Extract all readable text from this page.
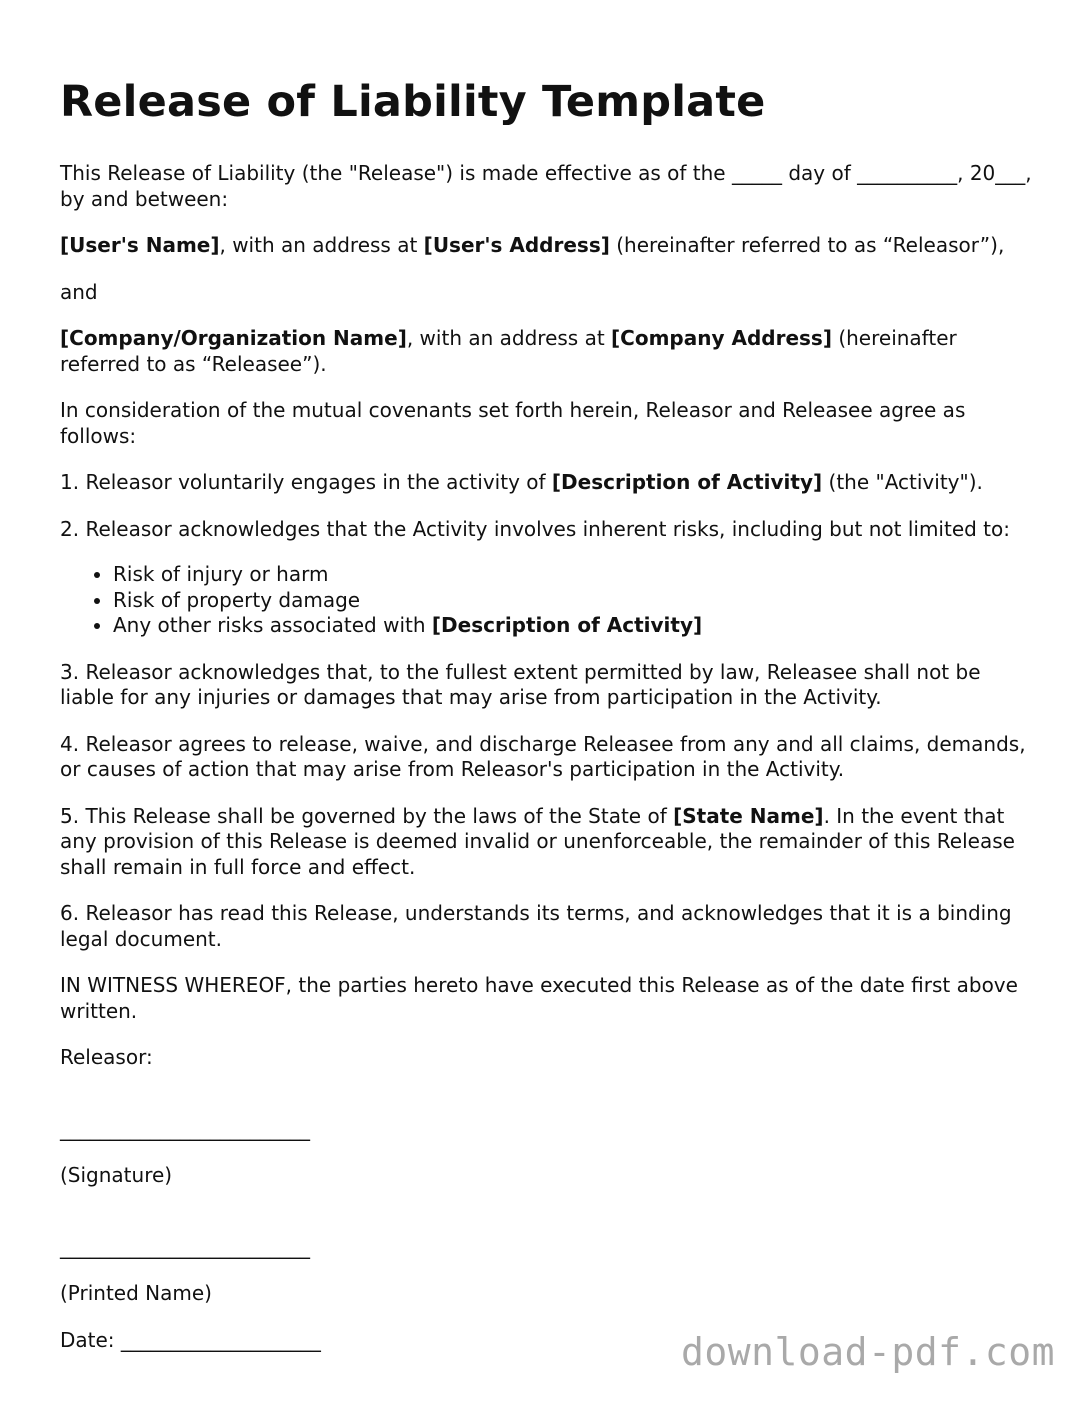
Release of Liability Template

This Release of Liability (the "Release") is made effective as of the _____ day of __________, 20___, by and between:

[User's Name], with an address at [User's Address] (hereinafter referred to as “Releasor”),

and

[Company/Organization Name], with an address at [Company Address] (hereinafter referred to as “Releasee”).

In consideration of the mutual covenants set forth herein, Releasor and Releasee agree as follows:

1. Releasor voluntarily engages in the activity of [Description of Activity] (the "Activity").

2. Releasor acknowledges that the Activity involves inherent risks, including but not limited to:

• Risk of injury or harm
• Risk of property damage
• Any other risks associated with [Description of Activity]

3. Releasor acknowledges that, to the fullest extent permitted by law, Releasee shall not be liable for any injuries or damages that may arise from participation in the Activity.

4. Releasor agrees to release, waive, and discharge Releasee from any and all claims, demands, or causes of action that may arise from Releasor's participation in the Activity.

5. This Release shall be governed by the laws of the State of [State Name]. In the event that any provision of this Release is deemed invalid or unenforceable, the remainder of this Release shall remain in full force and effect.

6. Releasor has read this Release, understands its terms, and acknowledges that it is a binding legal document.

IN WITNESS WHEREOF, the parties hereto have executed this Release as of the date first above written.

Releasor:

_________________________

(Signature)

_________________________

(Printed Name)

Date: ____________________	download-pdf.com
